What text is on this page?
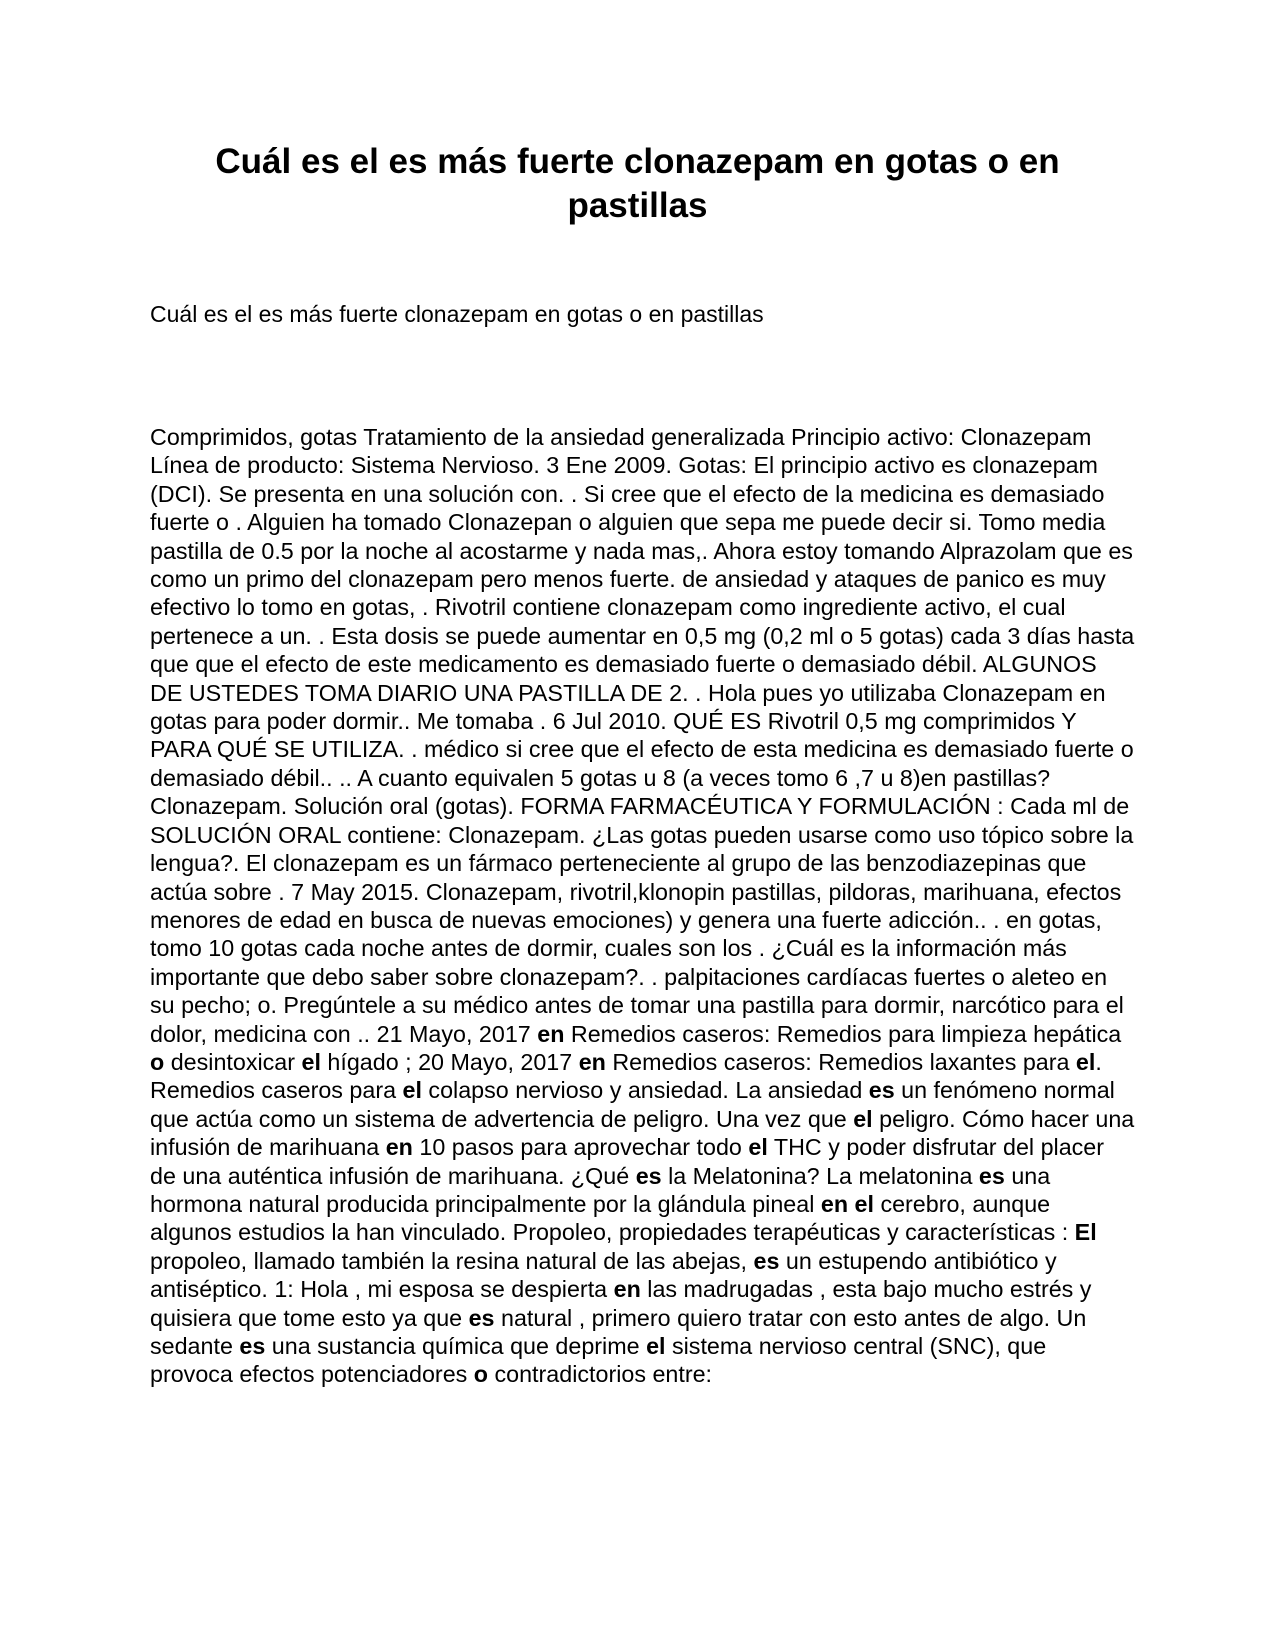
Cuál es el es más fuerte clonazepam en gotas o en pastillas

Cuál es el es más fuerte clonazepam en gotas o en pastillas

Comprimidos, gotas Tratamiento de la ansiedad generalizada Principio activo: Clonazepam Línea de producto: Sistema Nervioso. 3 Ene 2009. Gotas: El principio activo es clonazepam (DCI). Se presenta en una solución con. . Si cree que el efecto de la medicina es demasiado fuerte o . Alguien ha tomado Clonazepan o alguien que sepa me puede decir si. Tomo media pastilla de 0.5 por la noche al acostarme y nada mas,. Ahora estoy tomando Alprazolam que es como un primo del clonazepam pero menos fuerte. de ansiedad y ataques de panico es muy efectivo lo tomo en gotas, . Rivotril contiene clonazepam como ingrediente activo, el cual pertenece a un. . Esta dosis se puede aumentar en 0,5 mg (0,2 ml o 5 gotas) cada 3 días hasta que que el efecto de este medicamento es demasiado fuerte o demasiado débil. ALGUNOS DE USTEDES TOMA DIARIO UNA PASTILLA DE 2. . Hola pues yo utilizaba Clonazepam en gotas para poder dormir.. Me tomaba . 6 Jul 2010. QUÉ ES Rivotril 0,5 mg comprimidos Y PARA QUÉ SE UTILIZA. . médico si cree que el efecto de esta medicina es demasiado fuerte o demasiado débil.. .. A cuanto equivalen 5 gotas u 8 (a veces tomo 6 ,7 u 8)en pastillas? Clonazepam. Solución oral (gotas). FORMA FARMACÉUTICA Y FORMULACIÓN : Cada ml de SOLUCIÓN ORAL contiene: Clonazepam. ¿Las gotas pueden usarse como uso tópico sobre la lengua?. El clonazepam es un fármaco perteneciente al grupo de las benzodiazepinas que actúa sobre . 7 May 2015. Clonazepam, rivotril,klonopin pastillas, pildoras, marihuana, efectos menores de edad en busca de nuevas emociones) y genera una fuerte adicción.. . en gotas, tomo 10 gotas cada noche antes de dormir, cuales son los . ¿Cuál es la información más importante que debo saber sobre clonazepam?. . palpitaciones cardíacas fuertes o aleteo en su pecho; o. Pregúntele a su médico antes de tomar una pastilla para dormir, narcótico para el dolor, medicina con .. 21 Mayo, 2017 en Remedios caseros: Remedios para limpieza hepática o desintoxicar el hígado ; 20 Mayo, 2017 en Remedios caseros: Remedios laxantes para el. Remedios caseros para el colapso nervioso y ansiedad. La ansiedad es un fenómeno normal que actúa como un sistema de advertencia de peligro. Una vez que el peligro. Cómo hacer una infusión de marihuana en 10 pasos para aprovechar todo el THC y poder disfrutar del placer de una auténtica infusión de marihuana. ¿Qué es la Melatonina? La melatonina es una hormona natural producida principalmente por la glándula pineal en el cerebro, aunque algunos estudios la han vinculado. Propoleo, propiedades terapéuticas y características : El propoleo, llamado también la resina natural de las abejas, es un estupendo antibiótico y antiséptico. 1: Hola , mi esposa se despierta en las madrugadas , esta bajo mucho estrés y quisiera que tome esto ya que es natural , primero quiero tratar con esto antes de algo. Un sedante es una sustancia química que deprime el sistema nervioso central (SNC), que provoca efectos potenciadores o contradictorios entre:
